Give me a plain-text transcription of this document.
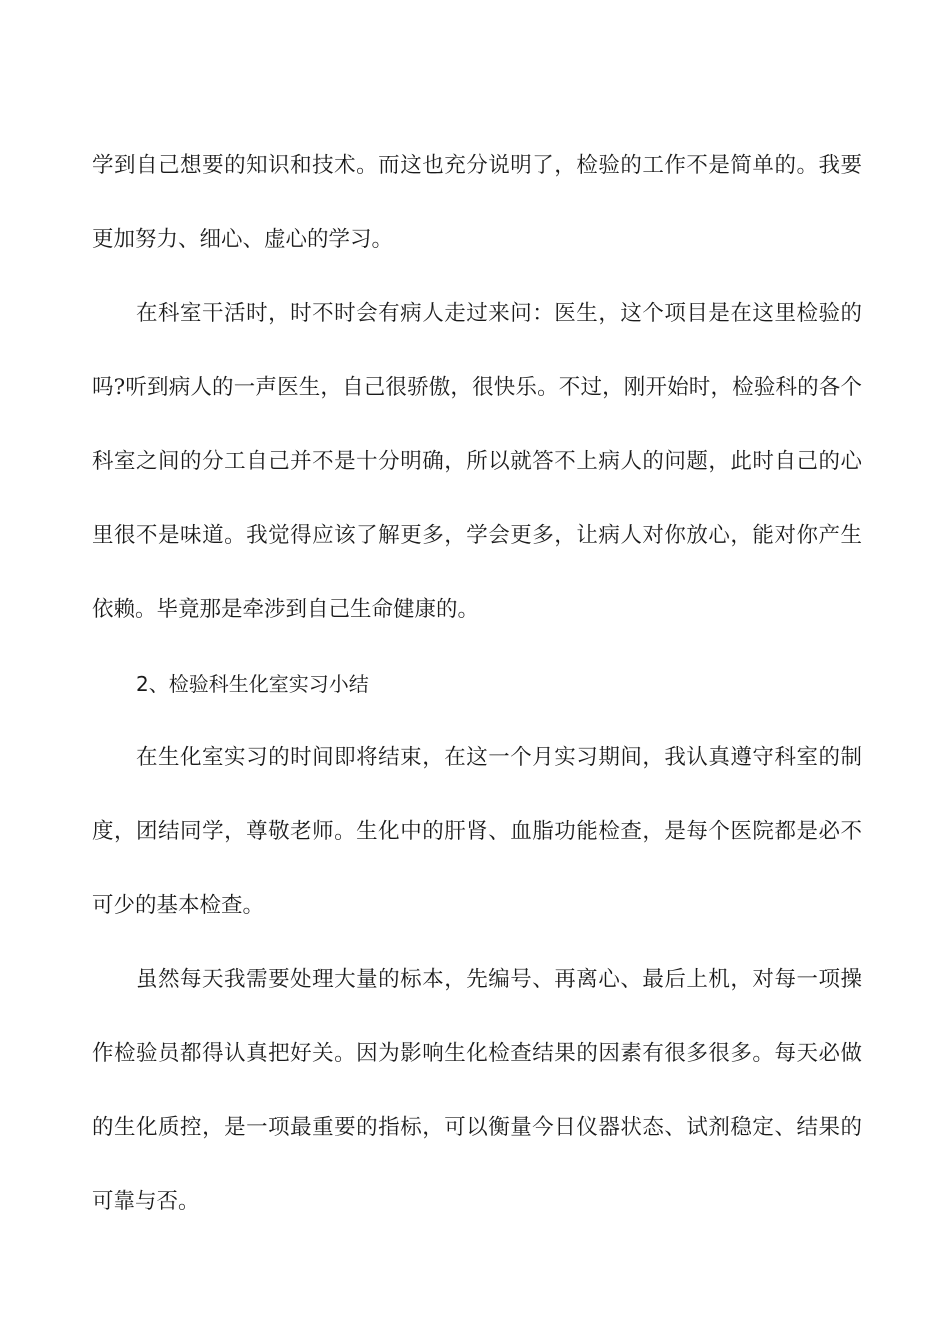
学到自己想要的知识和技术。而这也充分说明了，检验的工作不是简单的。我要更加努力、细心、虚心的学习。

在科室干活时，时不时会有病人走过来问：医生，这个项目是在这里检验的吗?听到病人的一声医生，自己很骄傲，很快乐。不过，刚开始时，检验科的各个科室之间的分工自己并不是十分明确，所以就答不上病人的问题，此时自己的心里很不是味道。我觉得应该了解更多，学会更多，让病人对你放心，能对你产生依赖。毕竟那是牵涉到自己生命健康的。

2、检验科生化室实习小结

在生化室实习的时间即将结束，在这一个月实习期间，我认真遵守科室的制度，团结同学，尊敬老师。生化中的肝肾、血脂功能检查，是每个医院都是必不可少的基本检查。

虽然每天我需要处理大量的标本，先编号、再离心、最后上机，对每一项操作检验员都得认真把好关。因为影响生化检查结果的因素有很多很多。每天必做的生化质控，是一项最重要的指标，可以衡量今日仪器状态、试剂稳定、结果的可靠与否。
